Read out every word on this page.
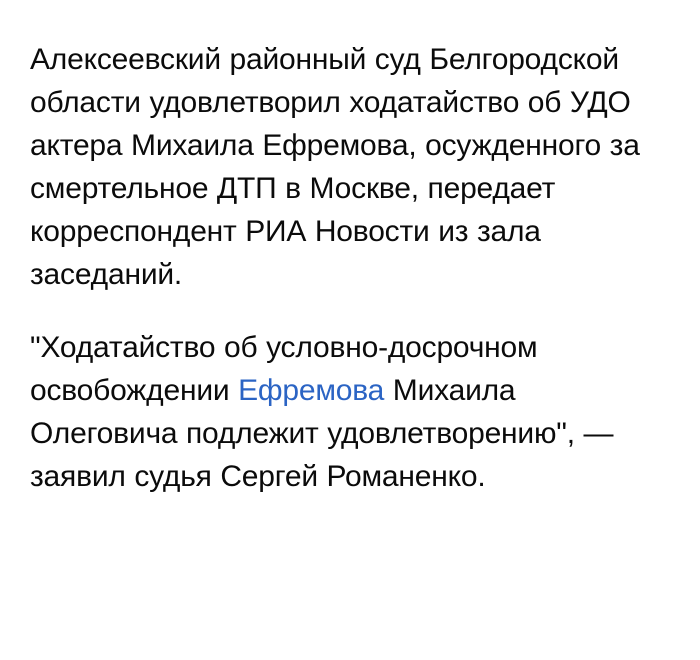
Алексеевский районный суд Белгородской области удовлетворил ходатайство об УДО актера Михаила Ефремова, осужденного за смертельное ДТП в Москве, передает корреспондент РИА Новости из зала заседаний.

"Ходатайство об условно-досрочном освобождении Ефремова Михаила Олеговича подлежит удовлетворению", — заявил судья Сергей Романенко.
